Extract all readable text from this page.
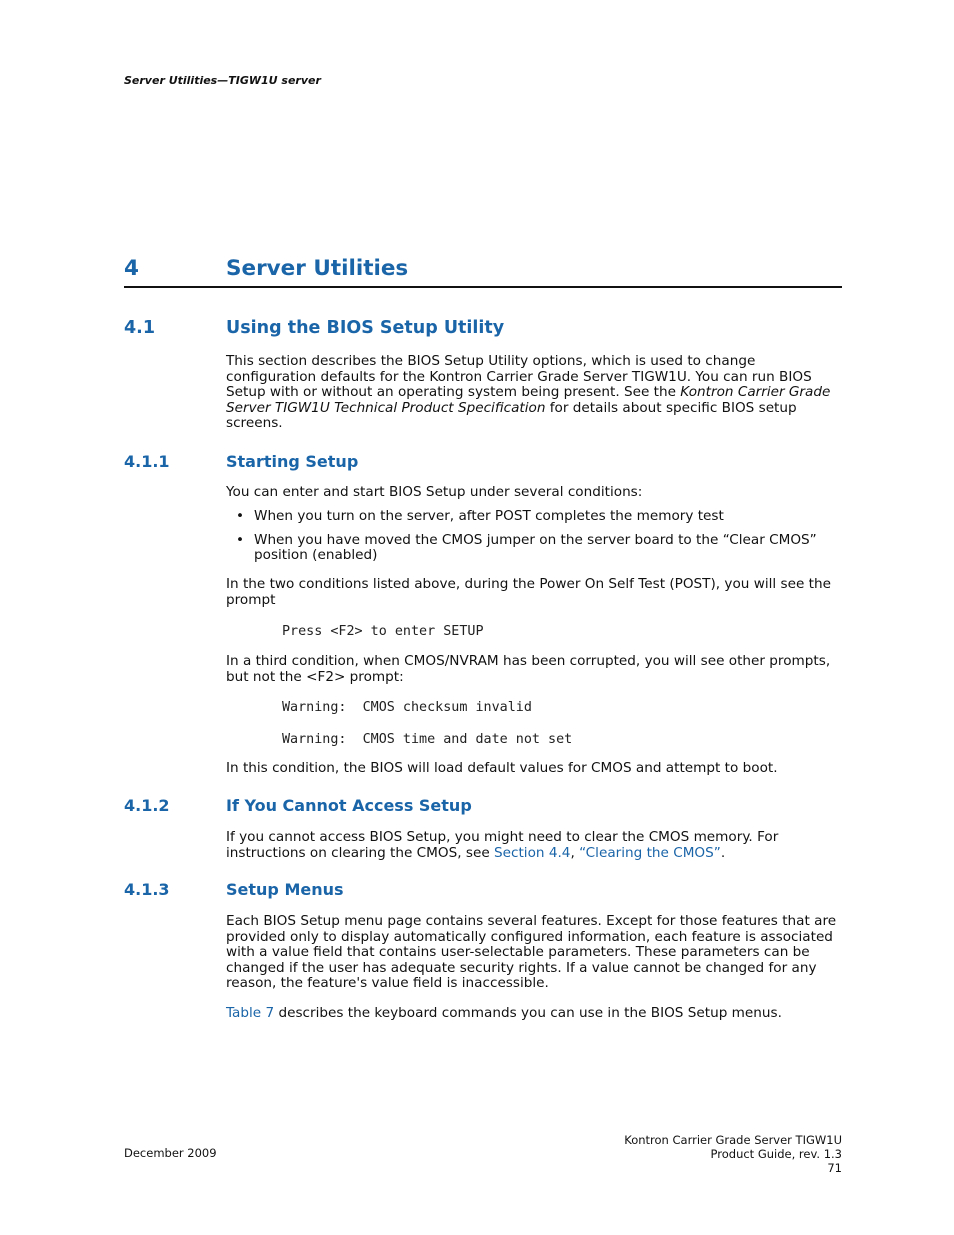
Server Utilities—TIGW1U server
4	Server Utilities
4.1	Using the BIOS Setup Utility

This section describes the BIOS Setup Utility options, which is used to change configuration defaults for the Kontron Carrier Grade Server TIGW1U. You can run BIOS Setup with or without an operating system being present. See the Kontron Carrier Grade Server TIGW1U Technical Product Specification for details about specific BIOS setup screens.

4.1.1	Starting Setup
You can enter and start BIOS Setup under several conditions:
• When you turn on the server, after POST completes the memory test
• When you have moved the CMOS jumper on the server board to the “Clear CMOS” position (enabled)
In the two conditions listed above, during the Power On Self Test (POST), you will see the prompt
Press <F2> to enter SETUP
In a third condition, when CMOS/NVRAM has been corrupted, you will see other prompts, but not the <F2> prompt:
Warning:  CMOS checksum invalid
Warning:  CMOS time and date not set
In this condition, the BIOS will load default values for CMOS and attempt to boot.
4.1.2	If You Cannot Access Setup

If you cannot access BIOS Setup, you might need to clear the CMOS memory. For instructions on clearing the CMOS, see Section 4.4, “Clearing the CMOS”.

4.1.3	Setup Menus
Each BIOS Setup menu page contains several features. Except for those features that are provided only to display automatically configured information, each feature is associated with a value field that contains user-selectable parameters. These parameters can be changed if the user has adequate security rights. If a value cannot be changed for any reason, the feature's value field is inaccessible.

Table 7 describes the keyboard commands you can use in the BIOS Setup menus.

Kontron Carrier Grade Server TIGW1U
Product Guide, rev. 1.3
71
December 2009
